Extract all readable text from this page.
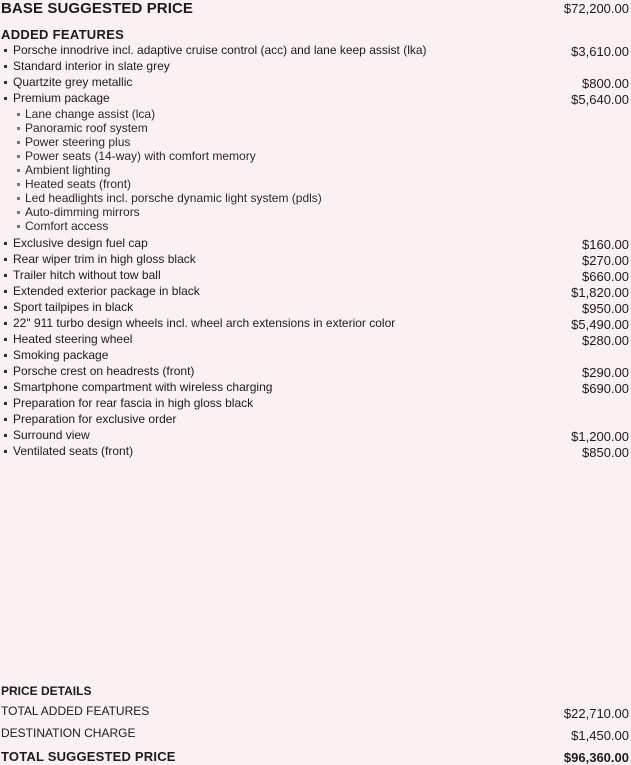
BASE SUGGESTED PRICE	$72,200.00
ADDED FEATURES
Porsche innodrive incl. adaptive cruise control (acc) and lane keep assist (lka)	$3,610.00
Standard interior in slate grey
Quartzite grey metallic	$800.00
Premium package	$5,640.00
Lane change assist (lca)
Panoramic roof system
Power steering plus
Power seats (14-way) with comfort memory
Ambient lighting
Heated seats (front)
Led headlights incl. porsche dynamic light system (pdls)
Auto-dimming mirrors
Comfort access
Exclusive design fuel cap	$160.00
Rear wiper trim in high gloss black	$270.00
Trailer hitch without tow ball	$660.00
Extended exterior package in black	$1,820.00
Sport tailpipes in black	$950.00
22" 911 turbo design wheels incl. wheel arch extensions in exterior color	$5,490.00
Heated steering wheel	$280.00
Smoking package
Porsche crest on headrests (front)	$290.00
Smartphone compartment with wireless charging	$690.00
Preparation for rear fascia in high gloss black
Preparation for exclusive order
Surround view	$1,200.00
Ventilated seats (front)	$850.00
PRICE DETAILS
TOTAL ADDED FEATURES	$22,710.00
DESTINATION CHARGE	$1,450.00
TOTAL SUGGESTED PRICE	$96,360.00
